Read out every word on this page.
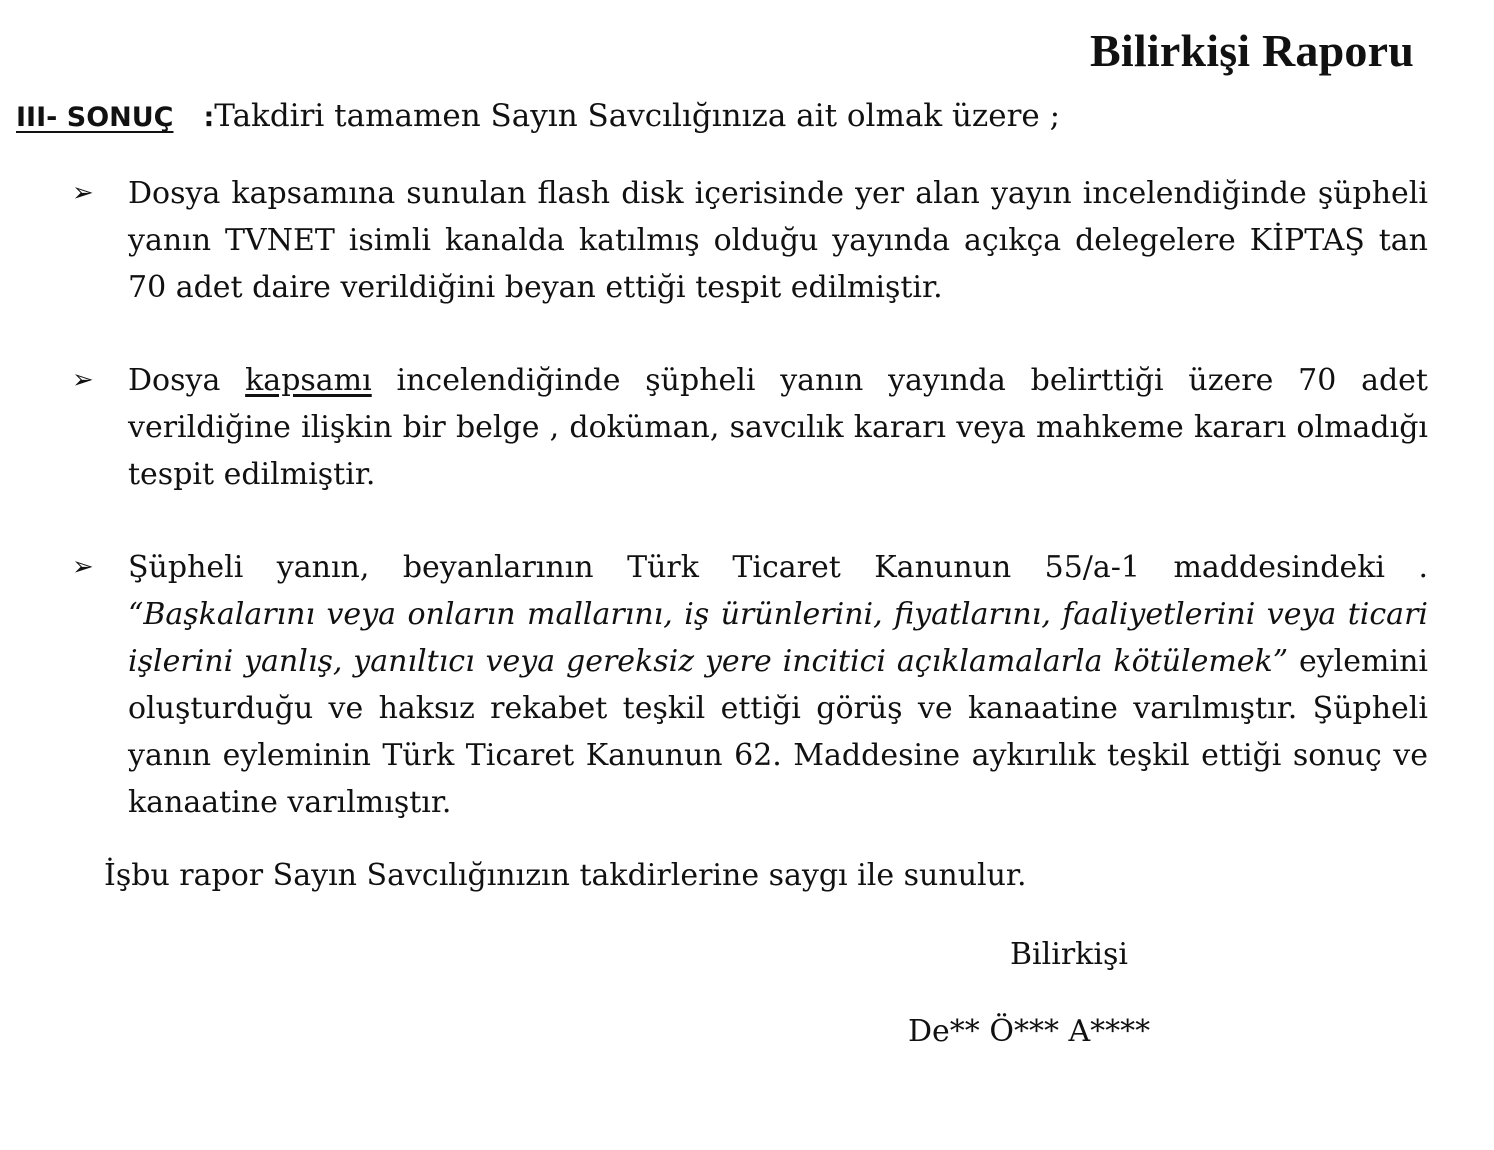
Bilirkişi Raporu
III- SONUÇ :Takdiri tamamen Sayın Savcılığınıza ait olmak üzere ;
➢	Dosya kapsamına sunulan flash disk içerisinde yer alan yayın incelendiğinde şüpheli yanın TVNET isimli kanalda katılmış olduğu yayında açıkça delegelere KİPTAŞ tan 70 adet daire verildiğini beyan ettiği tespit edilmiştir.
➢	Dosya kapsamı incelendiğinde şüpheli yanın yayında belirttiği üzere 70 adet verildiğine ilişkin bir belge , doküman, savcılık kararı veya mahkeme kararı olmadığı tespit edilmiştir.
➢	Şüpheli yanın, beyanlarının Türk Ticaret Kanunun 55/a-1 maddesindeki . “Başkalarını veya onların mallarını, iş ürünlerini, fiyatlarını, faaliyetlerini veya ticari işlerini yanlış, yanıltıcı veya gereksiz yere incitici açıklamalarla kötülemek” eylemini oluşturduğu ve haksız rekabet teşkil ettiği görüş ve kanaatine varılmıştır. Şüpheli yanın eyleminin Türk Ticaret Kanunun 62. Maddesine aykırılık teşkil ettiği sonuç ve kanaatine varılmıştır.
İşbu rapor Sayın Savcılığınızın takdirlerine saygı ile sunulur.
Bilirkişi
De** Ö*** A****
